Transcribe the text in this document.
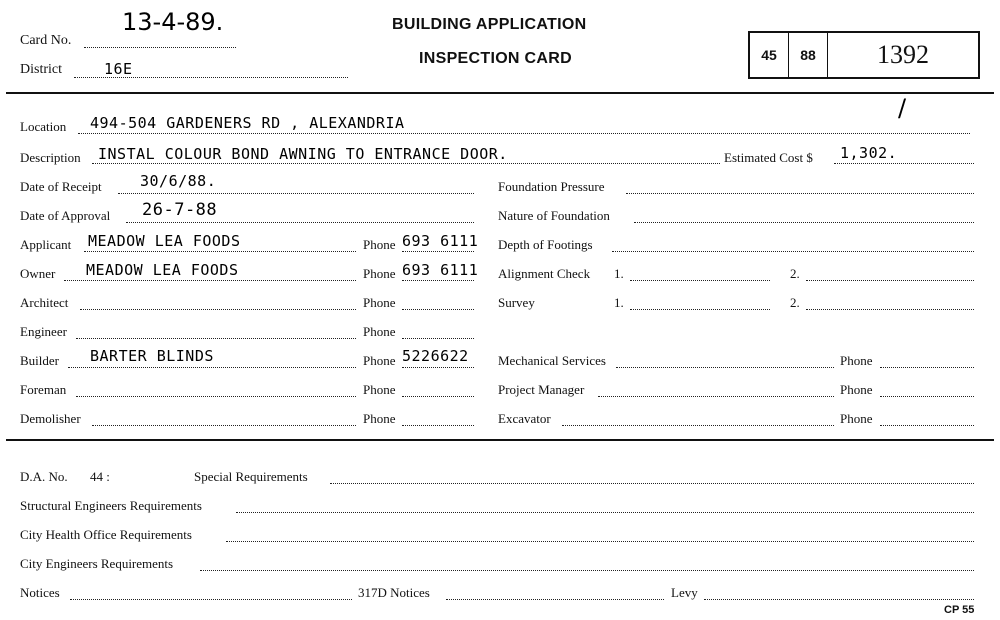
Card No.
13-4-89.
District	16E
BUILDING APPLICATION
INSPECTION CARD	45 88 1392
Location 494-504 GARDENERS RD , ALEXANDRIA
/
Description INSTAL COLOUR BOND AWNING TO ENTRANCE DOOR.	Estimated Cost $ 1,302.
Date of Receipt	30/6/88.
Date of Approval 26-7-88
Applicant MEADOW LEA FOODS	Phone 693 6111
Owner MEADOW LEA FOODS	Phone 693 6111
Architect	Phone
Engineer	Phone
Builder BARTER BLINDS	Phone 5226622
Foreman	Phone
Demolisher	Phone
Foundation Pressure
Nature of Foundation
Depth of Footings
Alignment Check 1.	2.
Survey	1.	2.
Mechanical Services	Phone
Project Manager	Phone
Excavator	Phone
D.A. No. 44 :	Special Requirements
Structural Engineers Requirements
City Health Office Requirements
City Engineers Requirements
Notices	317D Notices	Levy
CP 55
